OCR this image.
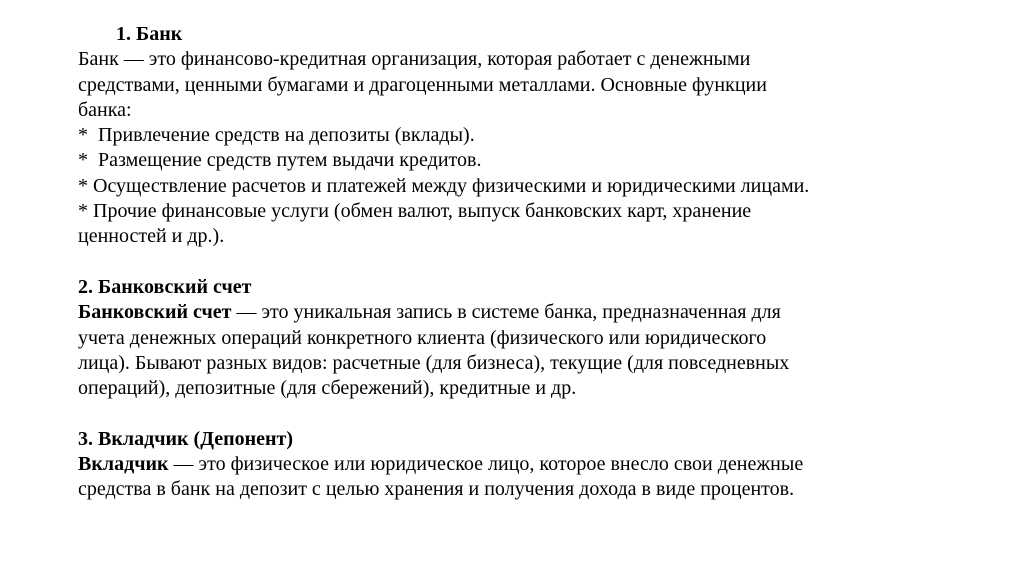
1. Банк
Банк — это финансово-кредитная организация, которая работает с денежными
средствами, ценными бумагами и драгоценными металлами. Основные функции
банка:
*  Привлечение средств на депозиты (вклады).
*  Размещение средств путем выдачи кредитов.
* Осуществление расчетов и платежей между физическими и юридическими лицами.
* Прочие финансовые услуги (обмен валют, выпуск банковских карт, хранение
ценностей и др.).
2. Банковский счет
Банковский счет — это уникальная запись в системе банка, предназначенная для
учета денежных операций конкретного клиента (физического или юридического
лица). Бывают разных видов: расчетные (для бизнеса), текущие (для повседневных
операций), депозитные (для сбережений), кредитные и др.
3. Вкладчик (Депонент)
Вкладчик — это физическое или юридическое лицо, которое внесло свои денежные
средства в банк на депозит с целью хранения и получения дохода в виде процентов.
